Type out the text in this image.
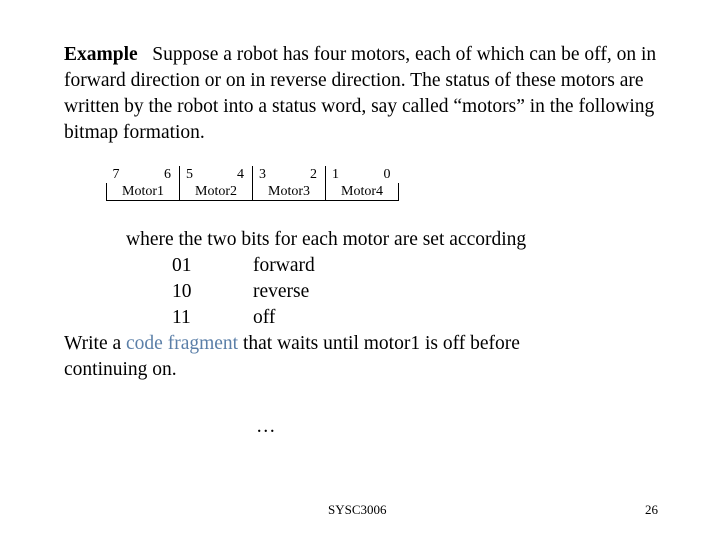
Example Suppose a robot has four motors, each of which can be off, on in forward direction or on in reverse direction. The status of these motors are written by the robot into a status word, say called “motors” in the following bitmap formation.
7 6	5 4	3 2	1 0

Motor1	Motor2	Motor3	Motor4
where the two bits for each motor are set according
01	forward
10	reverse
11	off
Write a code fragment that waits until motor1 is off before
continuing on.
…
SYSC3006	26
